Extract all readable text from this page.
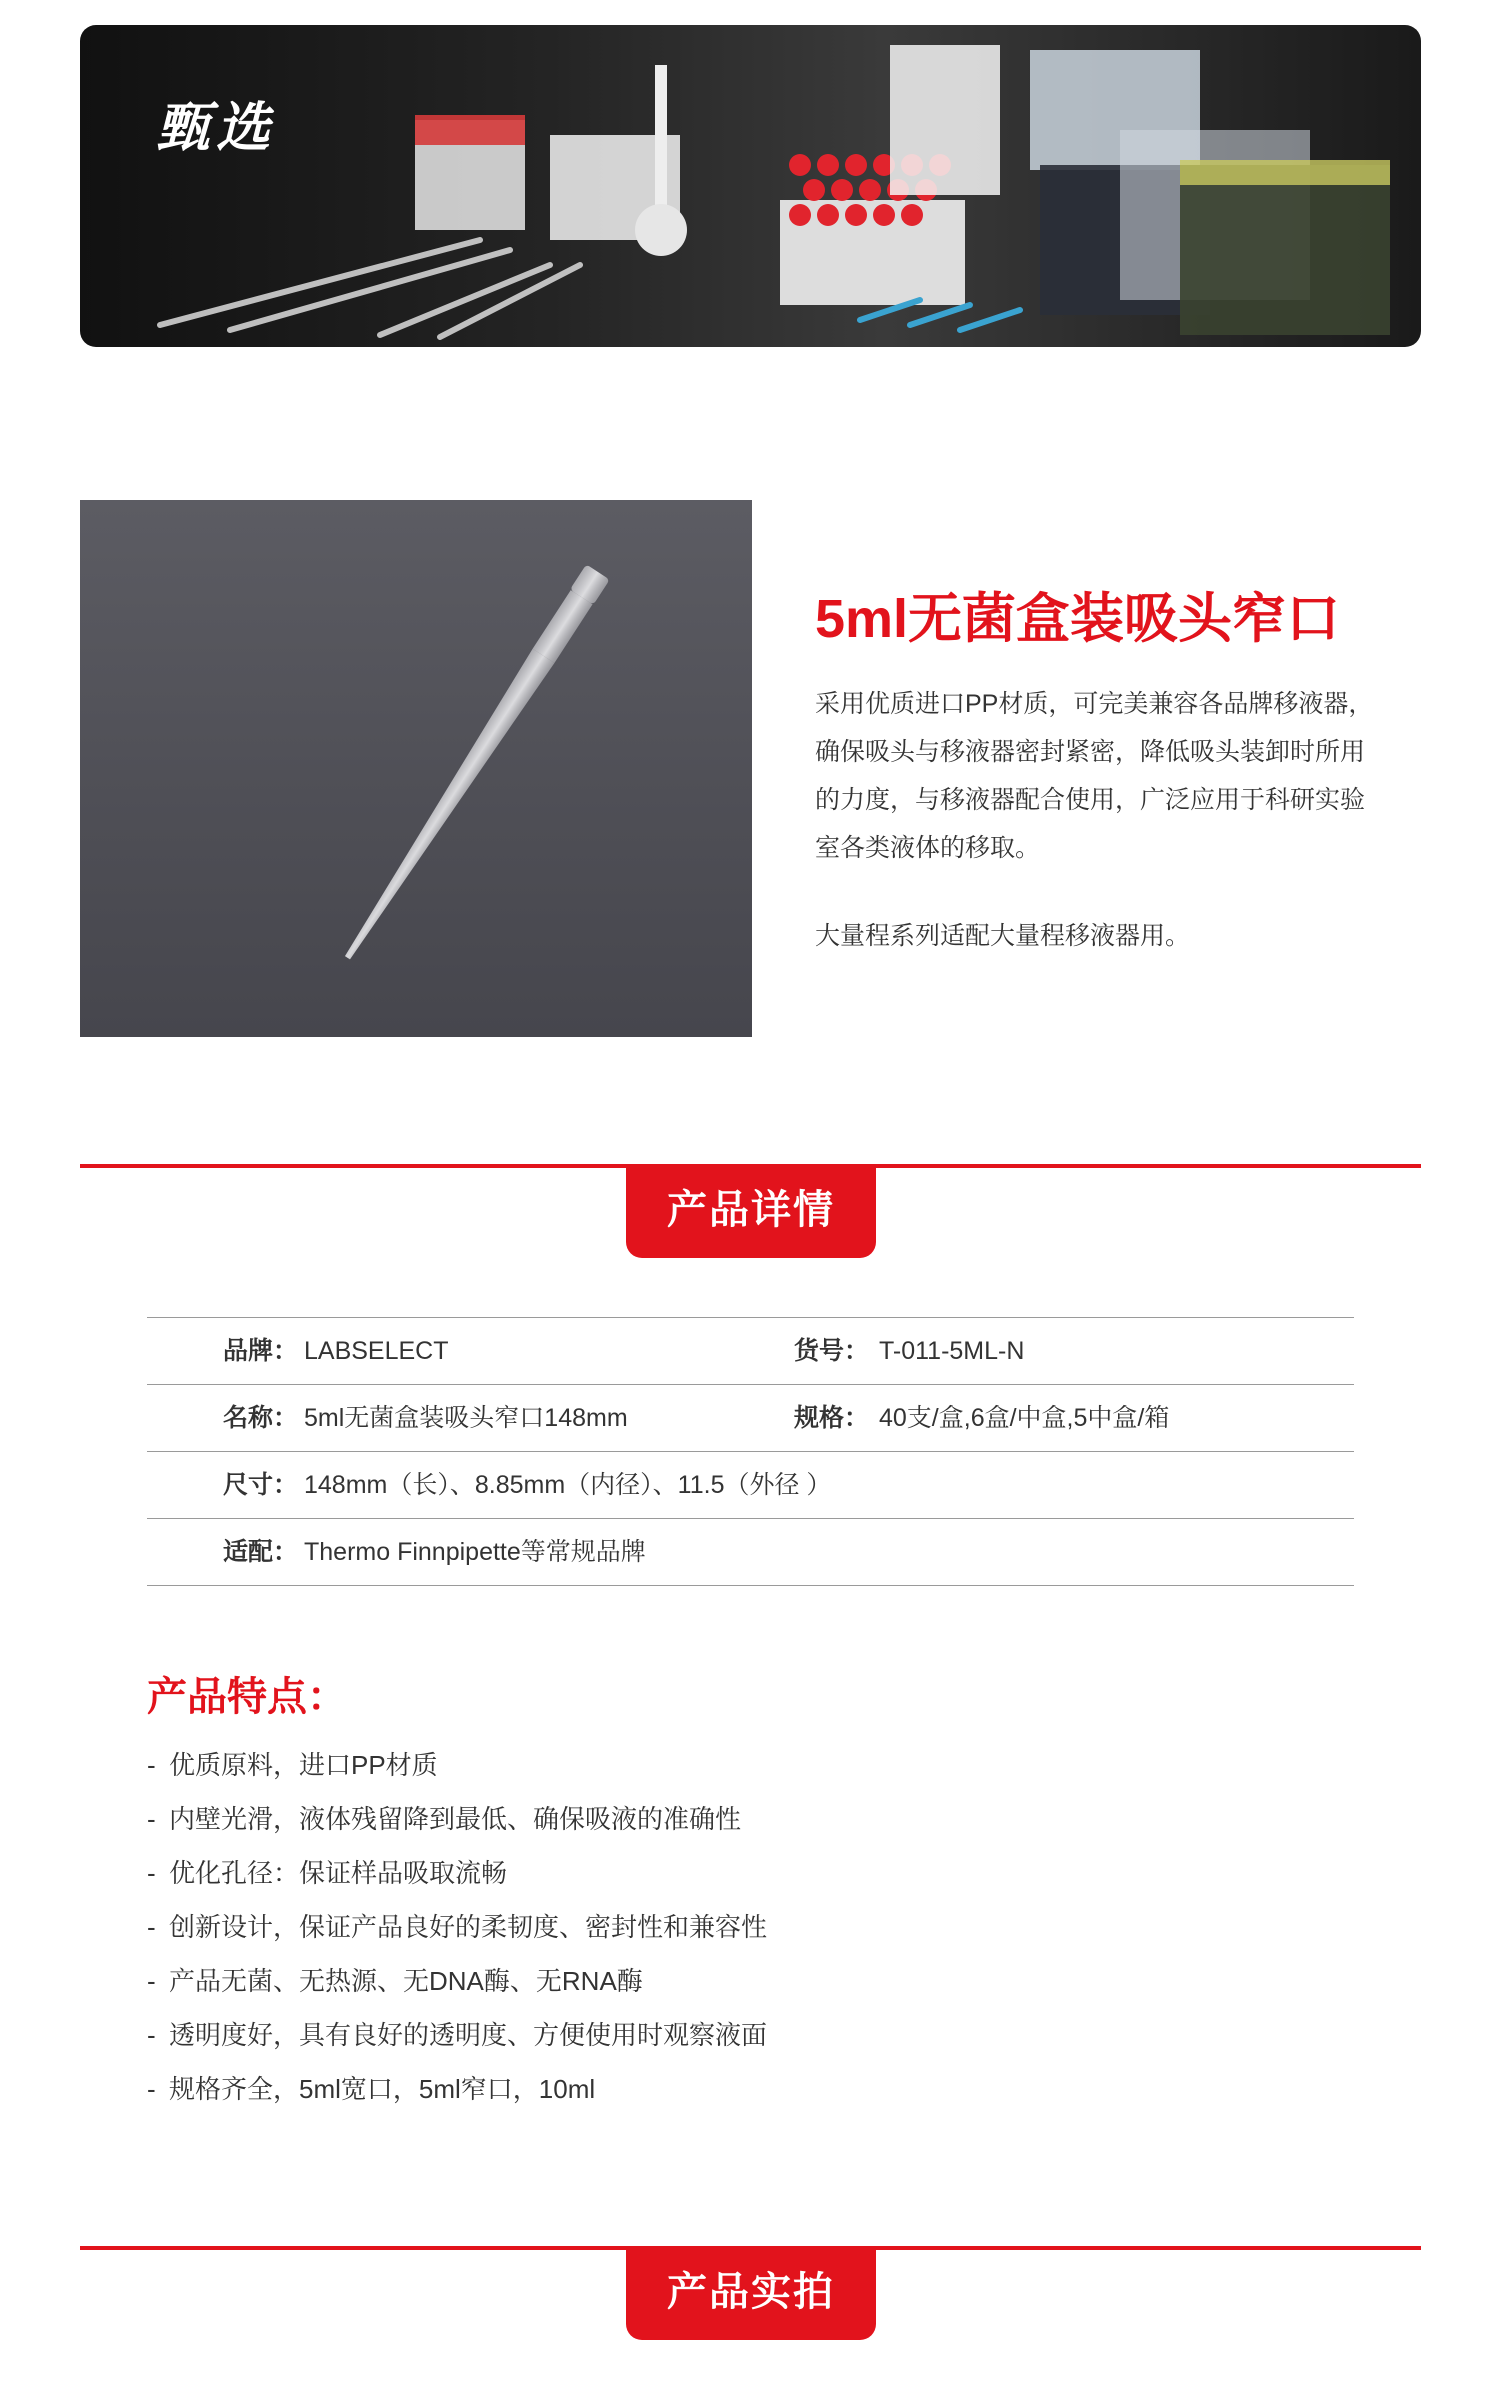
甄选
5ml无菌盒装吸头窄口
采用优质进口PP材质，可完美兼容各品牌移液器，确保吸头与移液器密封紧密，降低吸头装卸时所用的力度，与移液器配合使用，广泛应用于科研实验室各类液体的移取。
大量程系列适配大量程移液器用。
产品详情
品牌： LABSELECT	货号： T-011-5ML-N
名称： 5ml无菌盒装吸头窄口148mm	规格： 40支/盒,6盒/中盒,5中盒/箱
尺寸： 148mm（长）、8.85mm（内径）、11.5（外径 ）
适配： Thermo Finnpipette等常规品牌
产品特点：
- 优质原料，进口PP材质
- 内壁光滑，液体残留降到最低、确保吸液的准确性
- 优化孔径：保证样品吸取流畅
- 创新设计，保证产品良好的柔韧度、密封性和兼容性
- 产品无菌、无热源、无DNA酶、无RNA酶
- 透明度好，具有良好的透明度、方便使用时观察液面
- 规格齐全，5ml宽口，5ml窄口，10ml
产品实拍
